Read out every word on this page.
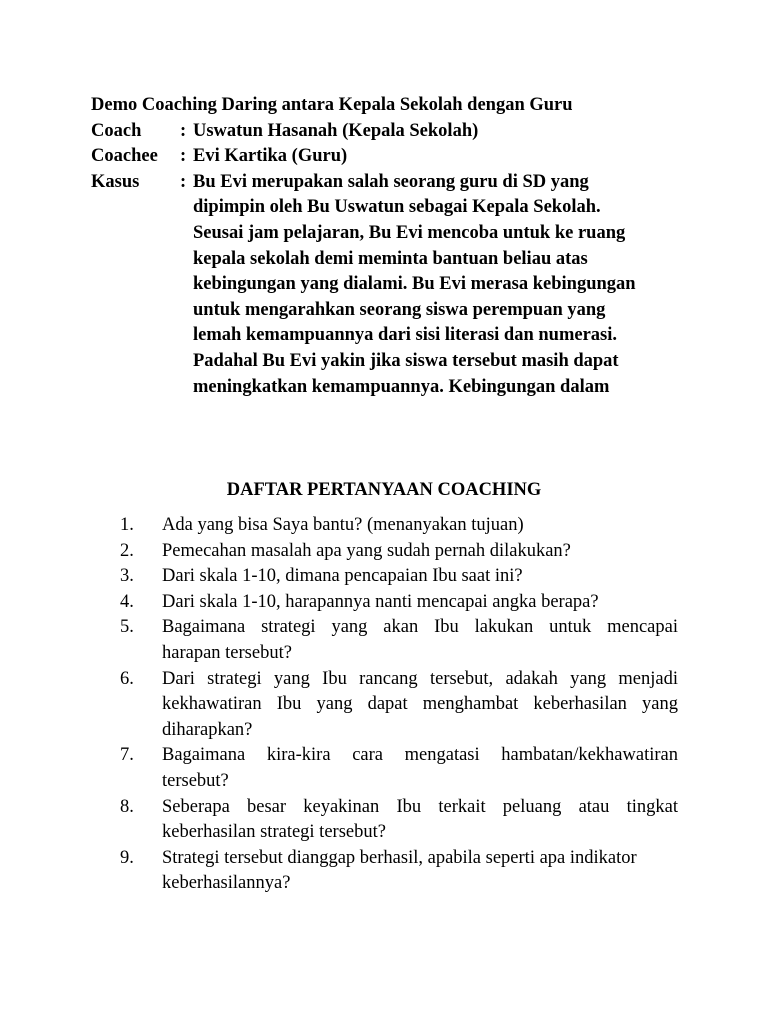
Demo Coaching Daring antara Kepala Sekolah dengan Guru
Coach	: Uswatun Hasanah (Kepala Sekolah)
Coachee	: Evi Kartika (Guru)
Kasus	: Bu Evi merupakan salah seorang guru di SD yang
dipimpin oleh Bu Uswatun sebagai Kepala Sekolah.
Seusai jam pelajaran, Bu Evi mencoba untuk ke ruang
kepala sekolah demi meminta bantuan beliau atas
kebingungan yang dialami. Bu Evi merasa kebingungan
untuk mengarahkan seorang siswa perempuan yang
lemah kemampuannya dari sisi literasi dan numerasi.
Padahal Bu Evi yakin jika siswa tersebut masih dapat
meningkatkan kemampuannya. Kebingungan dalam
DAFTAR PERTANYAAN COACHING
1.	Ada yang bisa Saya bantu? (menanyakan tujuan)
2.	Pemecahan masalah apa yang sudah pernah dilakukan?
3.	Dari skala 1-10, dimana pencapaian Ibu saat ini?
4.	Dari skala 1-10, harapannya nanti mencapai angka berapa?
5.	Bagaimana strategi yang akan Ibu lakukan untuk mencapai
harapan tersebut?
6.	Dari strategi yang Ibu rancang tersebut, adakah yang menjadi
kekhawatiran Ibu yang dapat menghambat keberhasilan yang
diharapkan?
7.	Bagaimana kira-kira cara mengatasi hambatan/kekhawatiran
tersebut?
8.	Seberapa besar keyakinan Ibu terkait peluang atau tingkat
keberhasilan strategi tersebut?
9.	Strategi tersebut dianggap berhasil, apabila seperti apa indikator
keberhasilannya?
